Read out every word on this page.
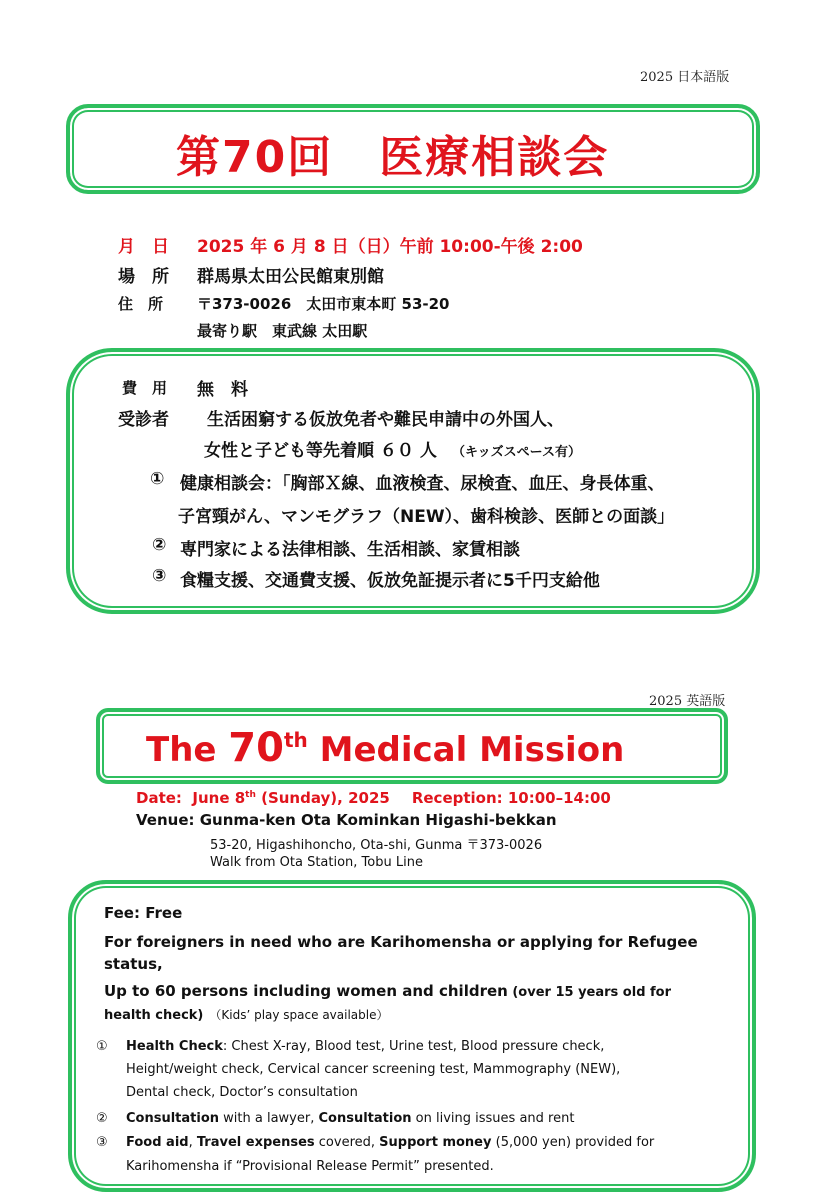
2025 日本語版
第70回　医療相談会
月　日 2025 年 6 月 8 日（日）午前 10:00-午後 2:00
場　所 群馬県太田公民館東別館
住　所 〒373-0026　太田市東本町 53-20
最寄り駅　東武線 太田駅
費　用 無　料
受診者 生活困窮する仮放免者や難民申請中の外国人、
女性と子ども等先着順 ６０ 人 （キッズスペース有）
① 健康相談会：「胸部Ｘ線、血液検査、尿検査、血圧、身長体重、
子宮頸がん、マンモグラフ（NEW）、歯科検診、医師との面談」
② 専門家による法律相談、生活相談、家賃相談
③ 食糧支援、交通費支援、仮放免証提示者に5千円支給他
2025 英語版
The 70th Medical Mission
Date: June 8th (Sunday), 2025 Reception: 10:00–14:00
Venue: Gunma-ken Ota Kominkan Higashi-bekkan
53-20, Higashihoncho, Ota-shi, Gunma 〒373-0026
Walk from Ota Station, Tobu Line
Fee: Free
For foreigners in need who are Karihomensha or applying for Refugee
status,
Up to 60 persons including women and children (over 15 years old for
health check) （Kids’ play space available）
① Health Check: Chest X-ray, Blood test, Urine test, Blood pressure check,
Height/weight check, Cervical cancer screening test, Mammography (NEW),
Dental check, Doctor’s consultation
② Consultation with a lawyer, Consultation on living issues and rent
③ Food aid, Travel expenses covered, Support money (5,000 yen) provided for
Karihomensha if “Provisional Release Permit” presented.
